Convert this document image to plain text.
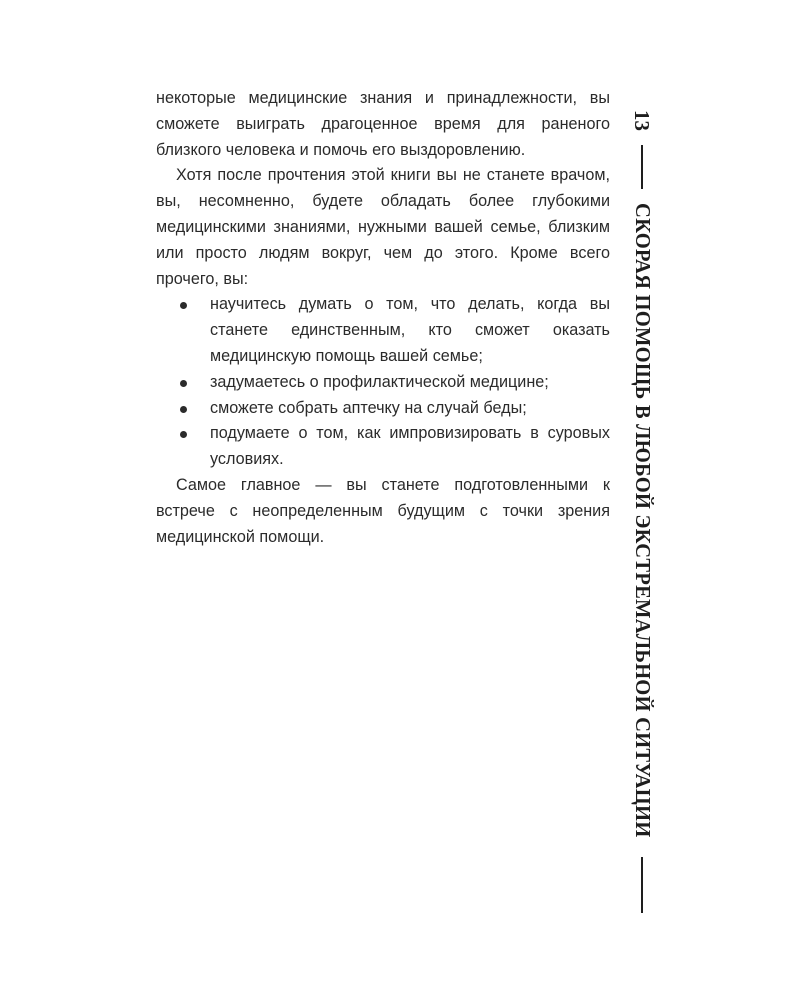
некоторые медицинские знания и принадлежности, вы сможете выиграть драгоценное время для раненого близкого человека и помочь его выздоровлению.

Хотя после прочтения этой книги вы не станете врачом, вы, несомненно, будете обладать более глубокими медицинскими знаниями, нужными вашей семье, близким или просто людям вокруг, чем до этого. Кроме всего прочего, вы:

научитесь думать о том, что делать, когда вы станете единственным, кто сможет оказать медицинскую помощь вашей семье;
задумаетесь о профилактической медицине;
сможете собрать аптечку на случай беды;
подумаете о том, как импровизировать в суровых условиях.

Самое главное — вы станете подготовленными к встрече с неопределенным будущим с точки зрения медицинской помощи.

13
СКОРАЯ ПОМОЩЬ В ЛЮБОЙ ЭКСТРЕМАЛЬНОЙ СИТУАЦИИ
